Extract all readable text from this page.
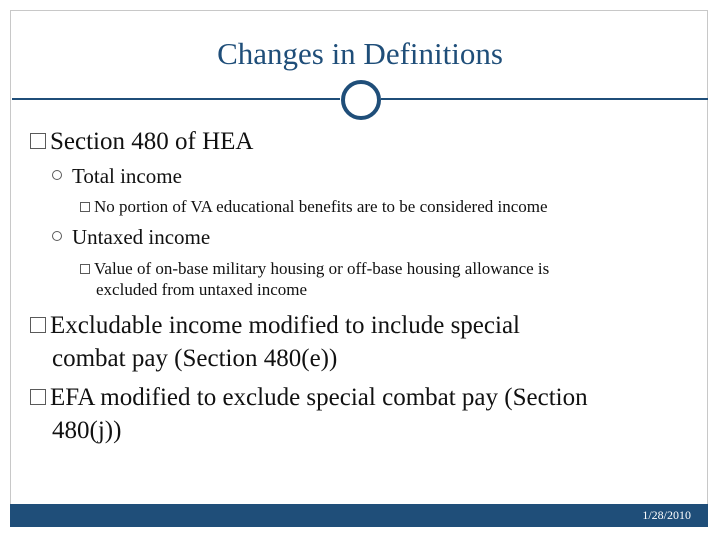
Changes in Definitions
Section 480 of HEA
Total income
No portion of VA educational benefits are to be considered income
Untaxed income
Value of on-base military housing or off-base housing allowance is
excluded from untaxed income
Excludable income modified to include special
combat pay (Section 480(e))
EFA modified to exclude special combat pay (Section
480(j))
1/28/2010
